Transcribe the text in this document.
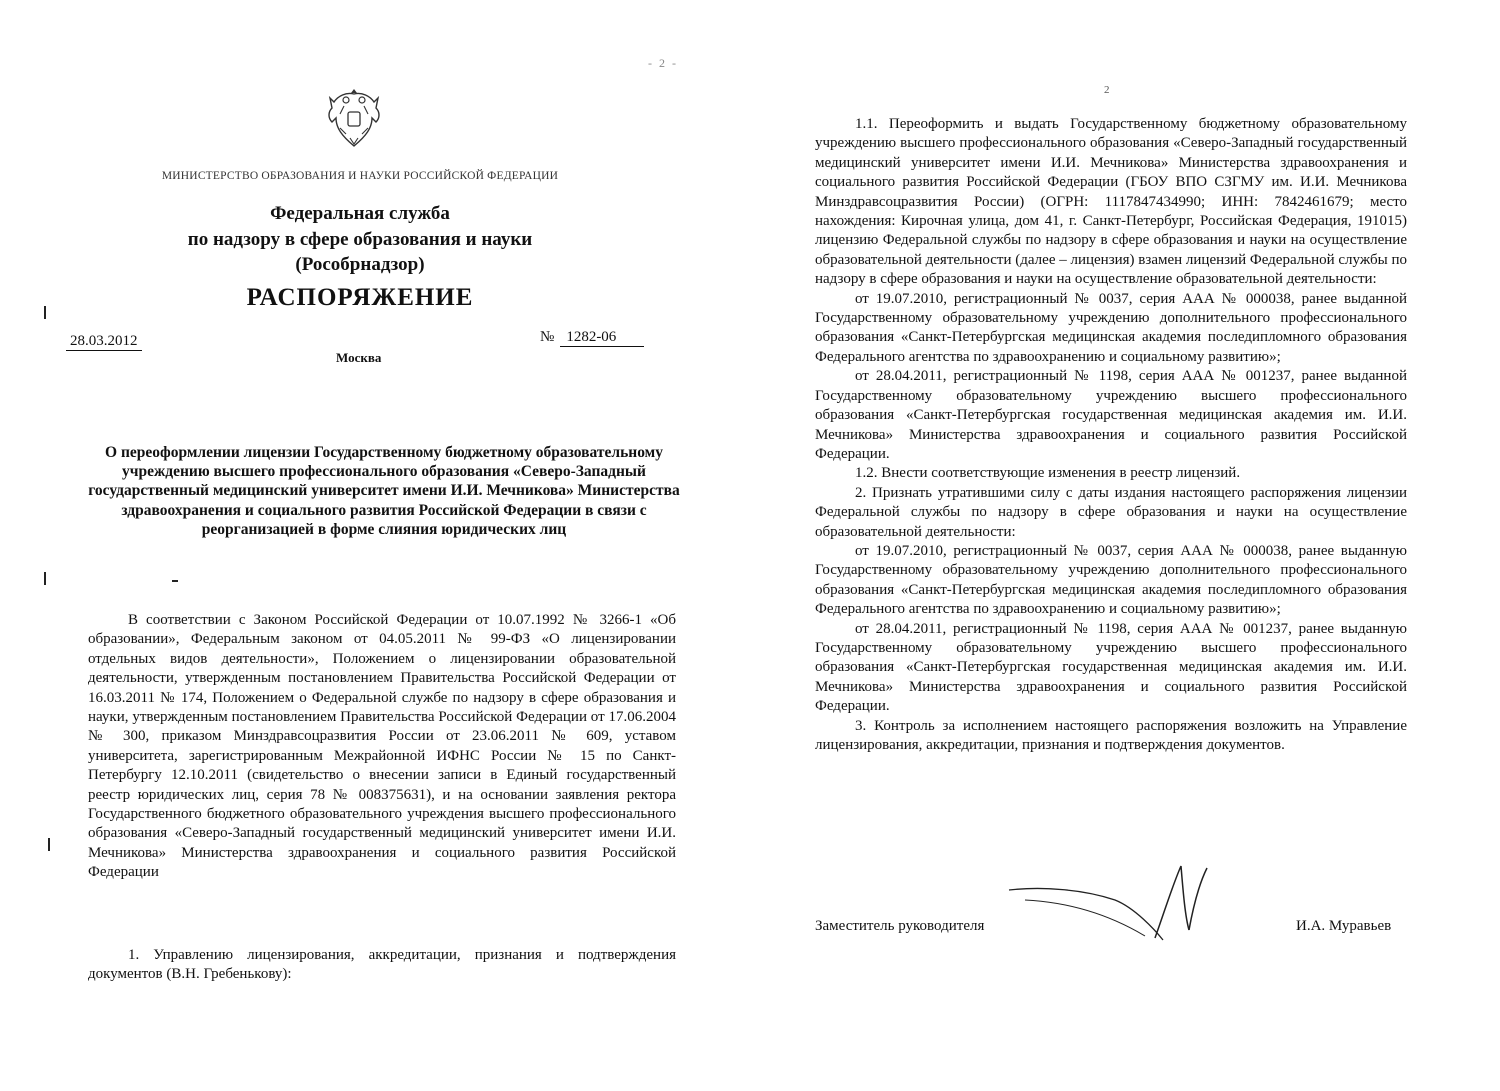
- 2 -
МИНИСТЕРСТВО ОБРАЗОВАНИЯ И НАУКИ РОССИЙСКОЙ ФЕДЕРАЦИИ
Федеральная служба
по надзору в сфере образования и науки
(Рособрнадзор)
РАСПОРЯЖЕНИЕ
28.03.2012	№ 1282-06
Москва
О переоформлении лицензии Государственному бюджетному образовательному учреждению высшего профессионального образования «Северо-Западный государственный медицинский университет имени И.И. Мечникова» Министерства здравоохранения и социального развития Российской Федерации в связи с реорганизацией в форме слияния юридических лиц
В соответствии с Законом Российской Федерации от 10.07.1992 № 3266-1 «Об образовании», Федеральным законом от 04.05.2011 № 99-ФЗ «О лицензировании отдельных видов деятельности», Положением о лицензировании образовательной деятельности, утвержденным постановлением Правительства Российской Федерации от 16.03.2011 № 174, Положением о Федеральной службе по надзору в сфере образования и науки, утвержденным постановлением Правительства Российской Федерации от 17.06.2004 № 300, приказом Минздравсоцразвития России от 23.06.2011 № 609, уставом университета, зарегистрированным Межрайонной ИФНС России № 15 по Санкт-Петербургу 12.10.2011 (свидетельство о внесении записи в Единый государственный реестр юридических лиц, серия 78 № 008375631), и на основании заявления ректора Государственного бюджетного образовательного учреждения высшего профессионального образования «Северо-Западный государственный медицинский университет имени И.И. Мечникова» Министерства здравоохранения и социального развития Российской Федерации
1. Управлению лицензирования, аккредитации, признания и подтверждения документов (В.Н. Гребенькову):
2

1.1. Переоформить и выдать Государственному бюджетному образовательному учреждению высшего профессионального образования «Северо-Западный государственный медицинский университет имени И.И. Мечникова» Министерства здравоохранения и социального развития Российской Федерации (ГБОУ ВПО СЗГМУ им. И.И. Мечникова Минздравсоцразвития России) (ОГРН: 1117847434990; ИНН: 7842461679; место нахождения: Кирочная улица, дом 41, г. Санкт-Петербург, Российская Федерация, 191015) лицензию Федеральной службы по надзору в сфере образования и науки на осуществление образовательной деятельности (далее – лицензия) взамен лицензий Федеральной службы по надзору в сфере образования и науки на осуществление образовательной деятельности:

от 19.07.2010, регистрационный № 0037, серия ААА № 000038, ранее выданной Государственному образовательному учреждению дополнительного профессионального образования «Санкт-Петербургская медицинская академия последипломного образования Федерального агентства по здравоохранению и социальному развитию»;

от 28.04.2011, регистрационный № 1198, серия ААА № 001237, ранее выданной Государственному образовательному учреждению высшего профессионального образования «Санкт-Петербургская государственная медицинская академия им. И.И. Мечникова» Министерства здравоохранения и социального развития Российской Федерации.

1.2. Внести соответствующие изменения в реестр лицензий.

2. Признать утратившими силу с даты издания настоящего распоряжения лицензии Федеральной службы по надзору в сфере образования и науки на осуществление образовательной деятельности:

от 19.07.2010, регистрационный № 0037, серия ААА № 000038, ранее выданную Государственному образовательному учреждению дополнительного профессионального образования «Санкт-Петербургская медицинская академия последипломного образования Федерального агентства по здравоохранению и социальному развитию»;

от 28.04.2011, регистрационный № 1198, серия ААА № 001237, ранее выданную Государственному образовательному учреждению высшего профессионального образования «Санкт-Петербургская государственная медицинская академия им. И.И. Мечникова» Министерства здравоохранения и социального развития Российской Федерации.

3. Контроль за исполнением настоящего распоряжения возложить на Управление лицензирования, аккредитации, признания и подтверждения документов.

Заместитель руководителя	И.А. Муравьев
